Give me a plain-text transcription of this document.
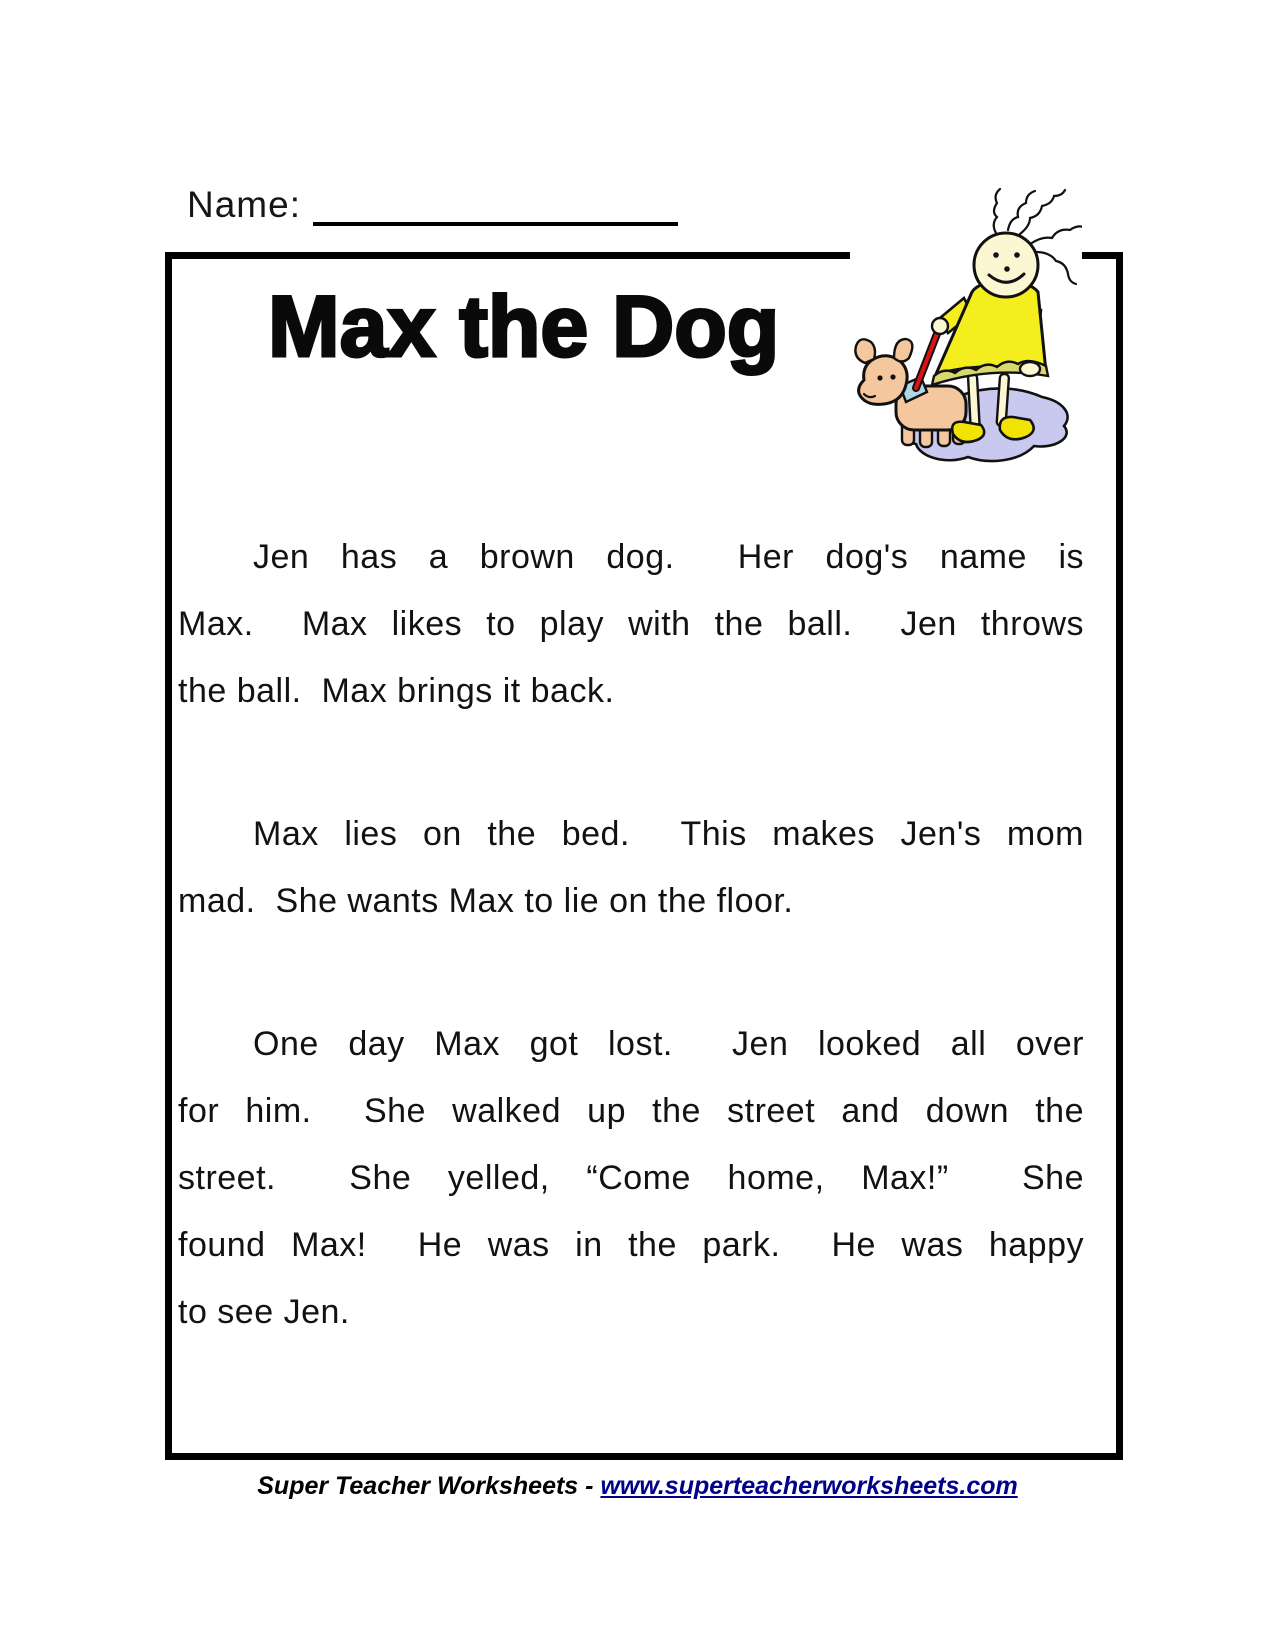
Name:
Max the Dog
Jen has a brown dog.  Her dog's name is
Max.  Max likes to play with the ball.  Jen throws
the ball.  Max brings it back.
Max lies on the bed.  This makes Jen's mom
mad.  She wants Max to lie on the floor.
One day Max got lost.  Jen looked all over
for him.  She walked up the street and down the
street.  She yelled, “Come home, Max!”  She
found Max!  He was in the park.  He was happy
to see Jen.
Super Teacher Worksheets - www.superteacherworksheets.com
